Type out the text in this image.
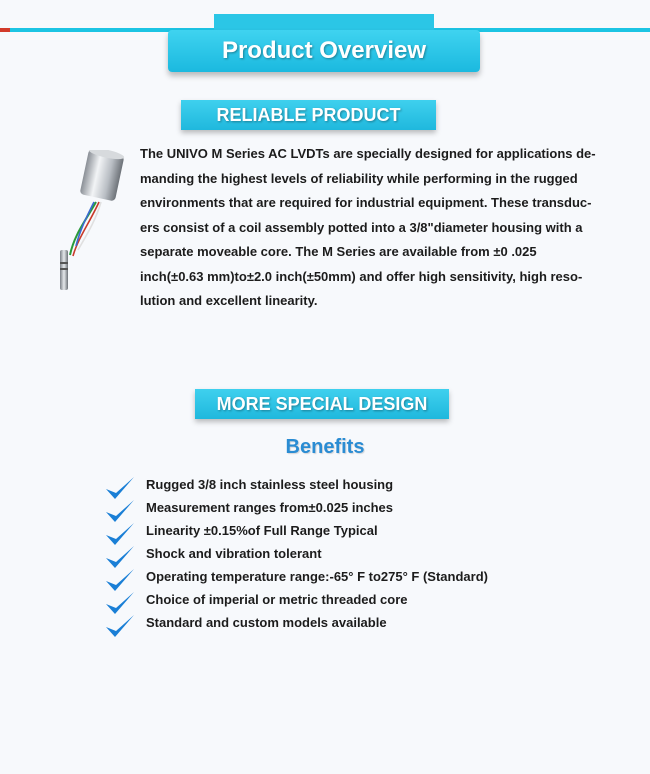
Product Overview
RELIABLE PRODUCT
The UNIVO M Series AC LVDTs are specially designed for applications de-
manding the highest levels of reliability while performing in the rugged
environments that are required for industrial equipment. These transduc-
ers consist of a coil assembly potted into a 3/8"diameter housing with a
separate moveable core. The M Series are available from ±0 .025
inch(±0.63 mm)to±2.0 inch(±50mm) and offer high sensitivity, high reso-
lution and excellent linearity.
MORE SPECIAL DESIGN
Benefits
Rugged 3/8 inch stainless steel housing
Measurement ranges from±0.025 inches
Linearity ±0.15%of Full Range Typical
Shock and vibration tolerant
Operating temperature range:-65° F to275° F (Standard)
Choice of imperial or metric threaded core
Standard and custom models available
